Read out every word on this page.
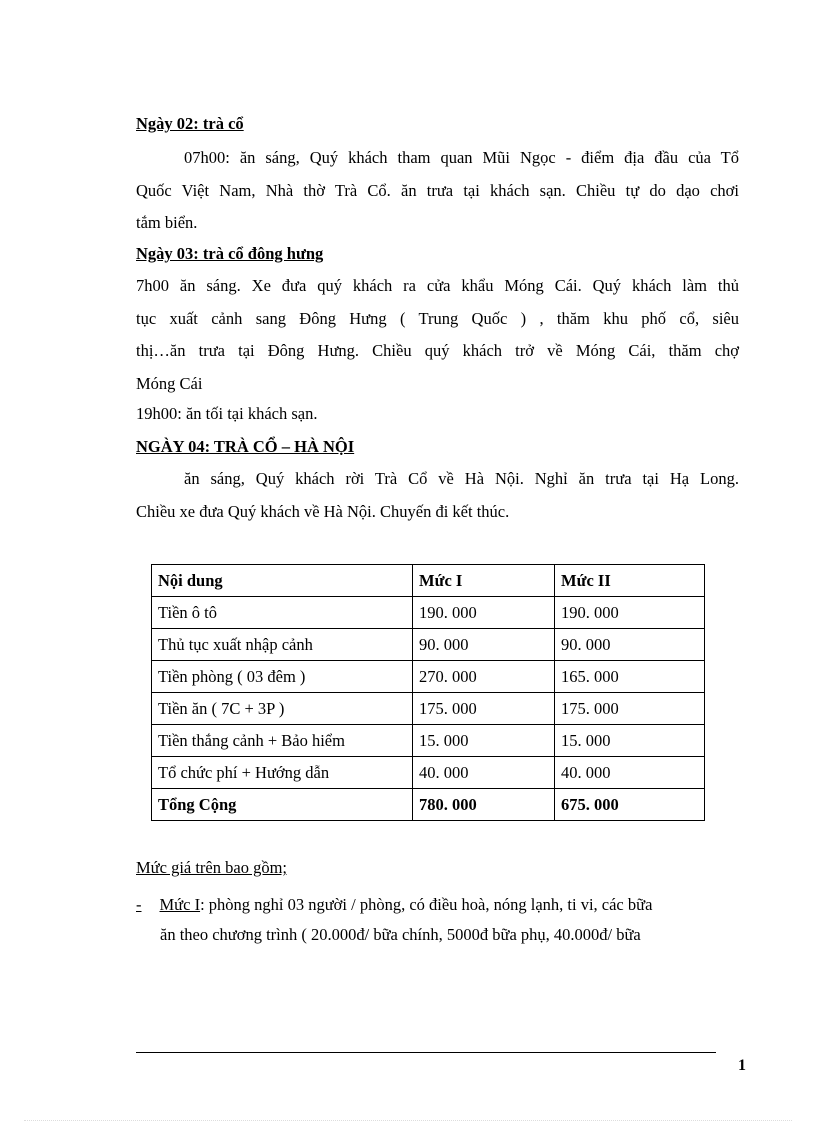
Ngày 02: trà cổ
07h00: ăn sáng, Quý khách tham quan Mũi Ngọc - điểm địa đầu của Tổ
Quốc Việt Nam, Nhà thờ Trà Cổ. ăn trưa tại khách sạn. Chiều tự do dạo chơi
tắm biển.
Ngày 03: trà cổ đông hưng
7h00 ăn sáng. Xe đưa quý khách ra cửa khẩu Móng Cái. Quý khách làm thủ
tục xuất cảnh sang Đông Hưng ( Trung Quốc ) , thăm khu phố cổ, siêu
thị…ăn trưa tại Đông Hưng. Chiều quý khách trở về Móng Cái, thăm chợ
Móng Cái
19h00: ăn tối tại khách sạn.
NGÀY 04: TRÀ CỔ – HÀ NỘI
ăn sáng, Quý khách rời Trà Cổ về Hà Nội. Nghỉ ăn trưa tại Hạ Long.
Chiều xe đưa Quý khách về Hà Nội. Chuyến đi kết thúc.
Nội dung	Mức I	Mức II
Tiền ô tô	190. 000	190. 000
Thủ tục xuất nhập cảnh	90. 000	90. 000
Tiền phòng ( 03 đêm )	270. 000	165. 000
Tiền ăn ( 7C + 3P )	175. 000	175. 000
Tiền thắng cảnh + Bảo hiểm	15. 000	15. 000
Tổ chức phí + Hướng dẫn	40. 000	40. 000
Tổng Cộng	780. 000	675. 000
Mức giá trên bao gồm;
- Mức I: phòng nghỉ 03 người / phòng, có điều hoà, nóng lạnh, ti vi, các bữa
ăn theo chương trình ( 20.000đ/ bữa chính, 5000đ bữa phụ, 40.000đ/ bữa
1
